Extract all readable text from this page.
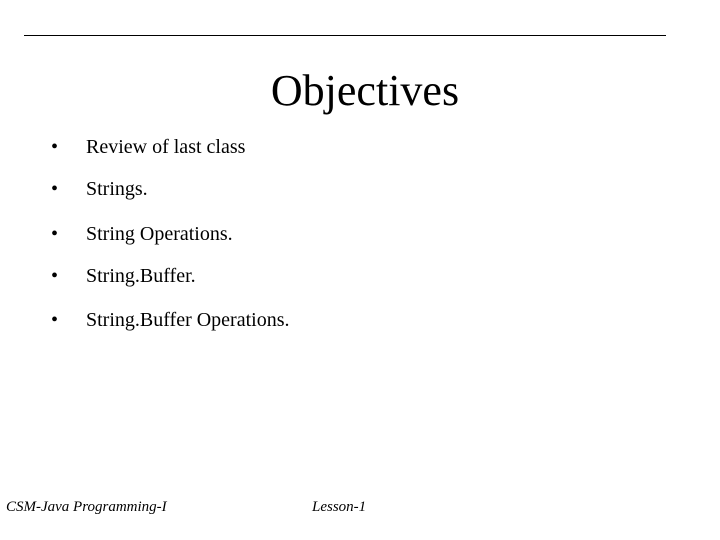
Objectives
• Review of last class
• Strings.
• String Operations.
• String.Buffer.
• String.Buffer Operations.
CSM-Java Programming-I	Lesson-1
